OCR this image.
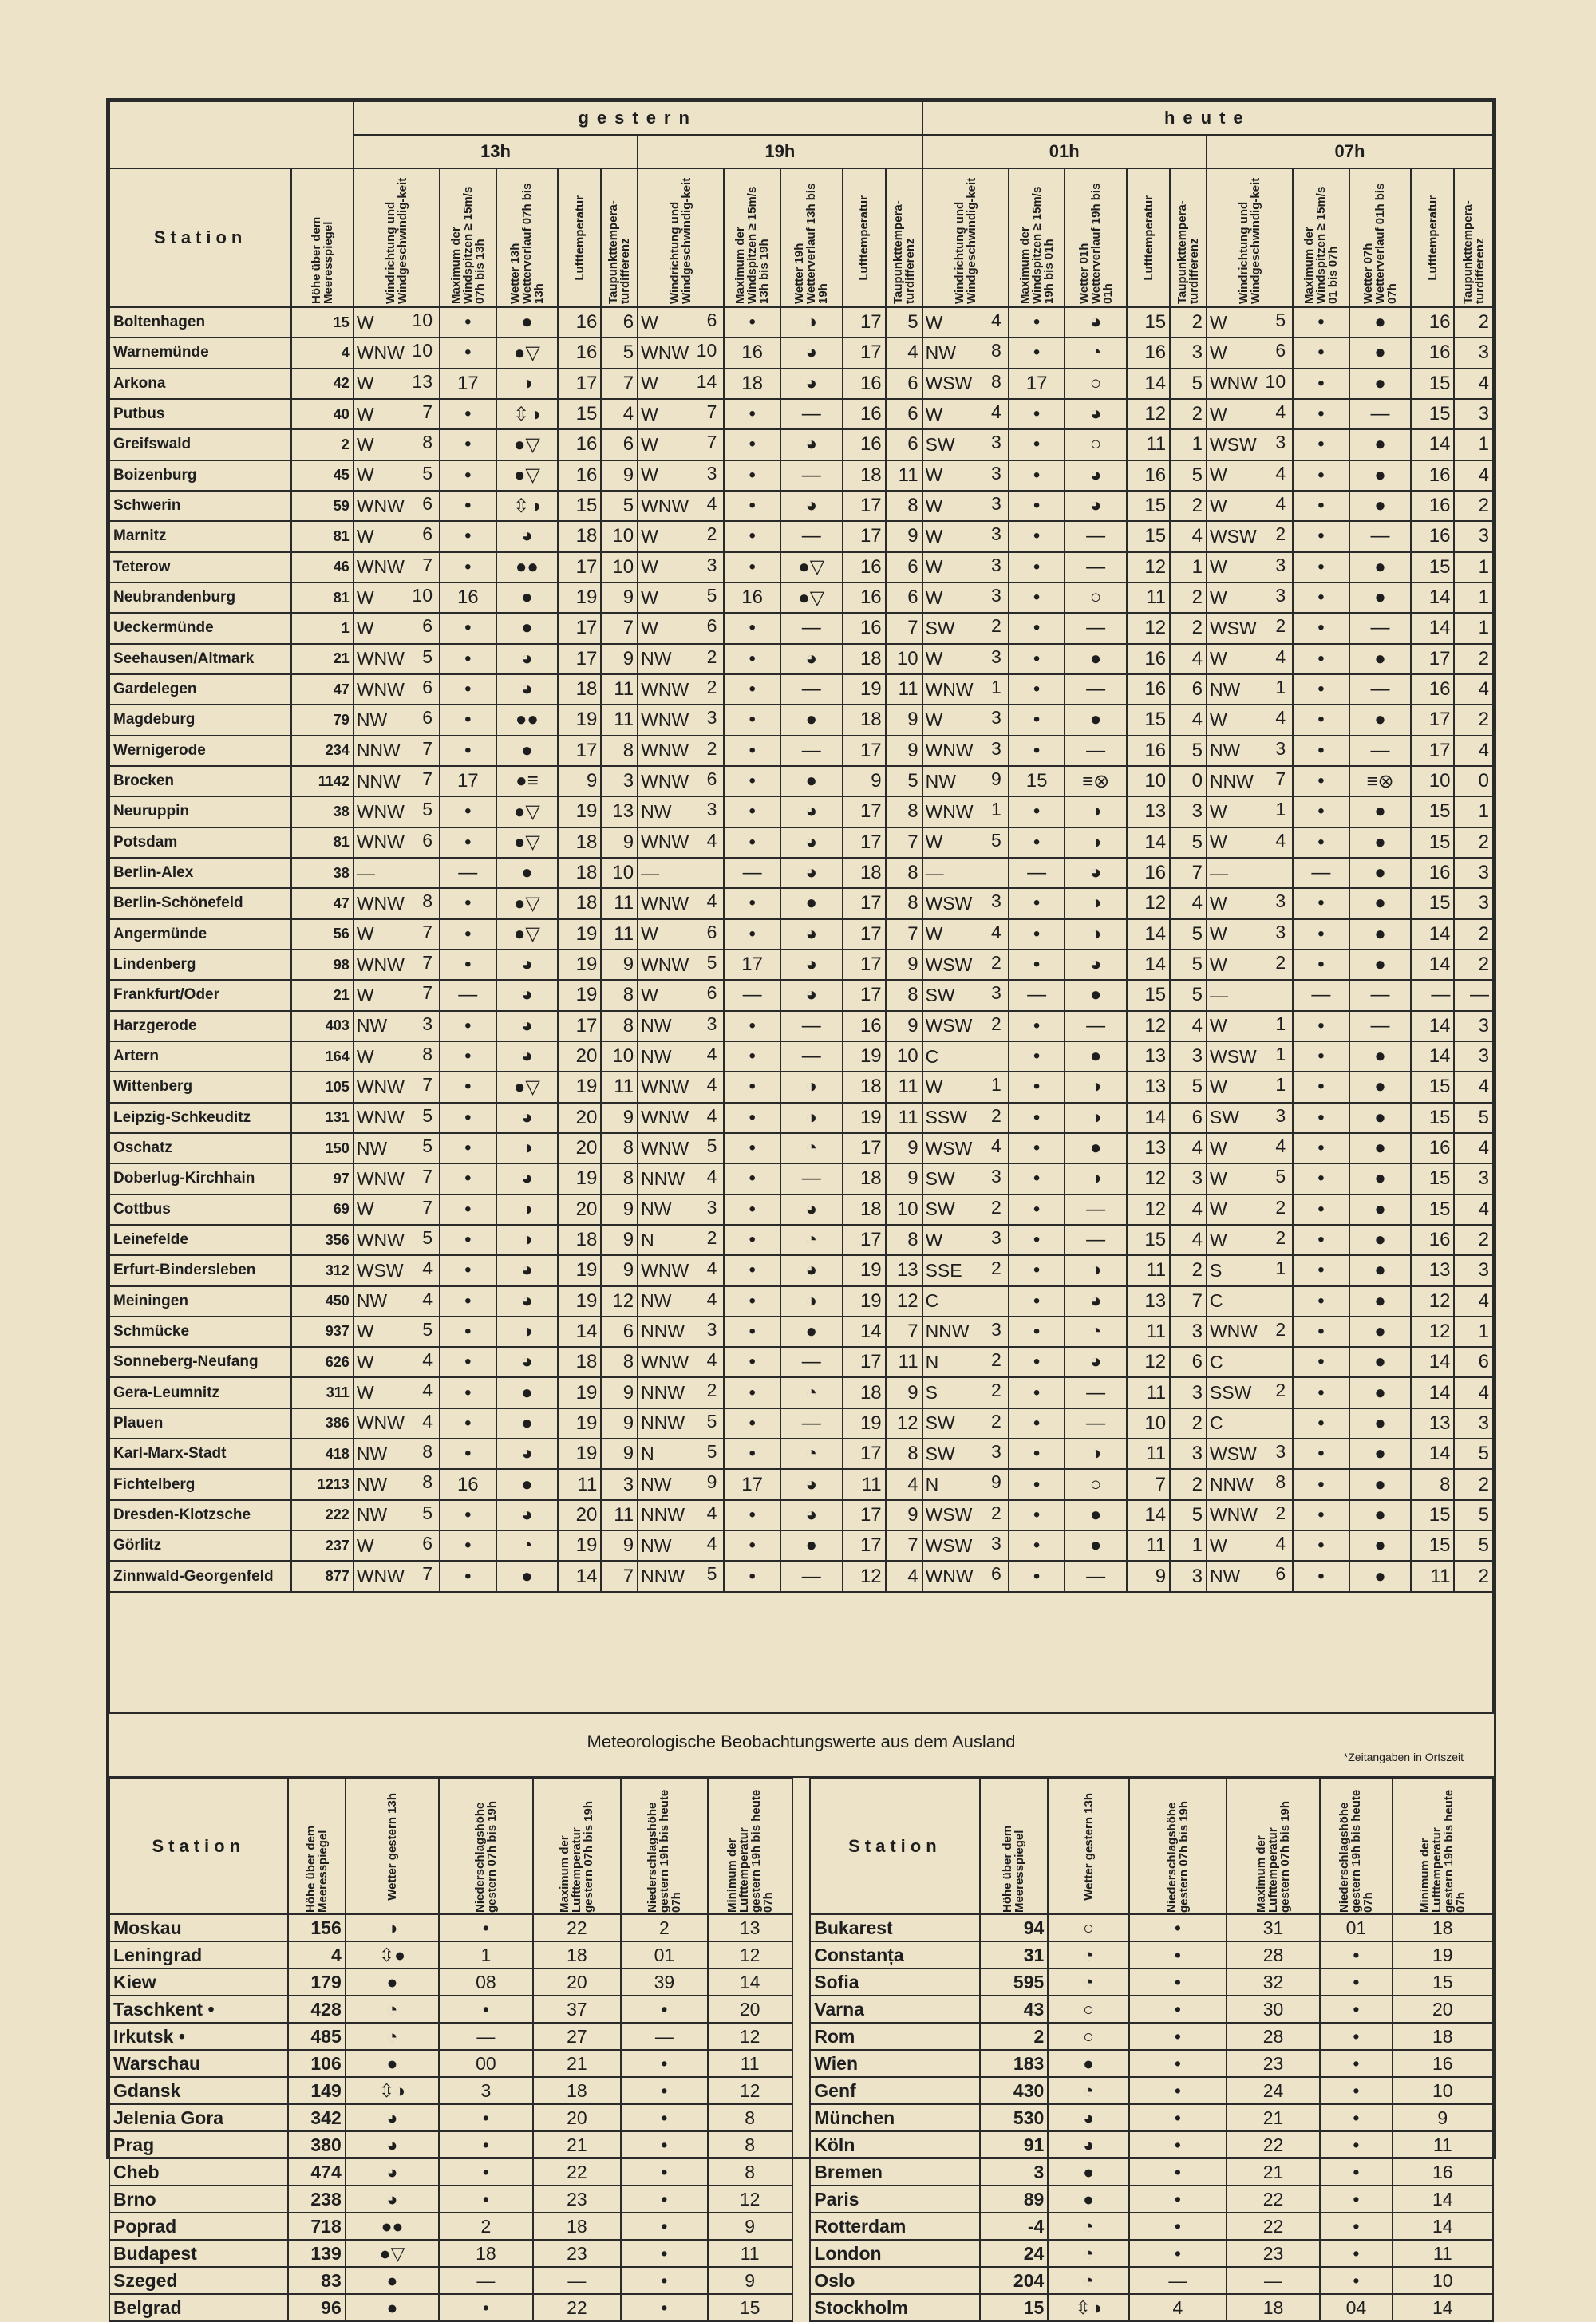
		gestern										heute									
		13h					19h					01h					07h				
Station	Höhe über dem Meeresspiegel	Windrichtung und Windgeschwindig-keit	Maximum der Windspitzen ≥ 15m/s 07h bis 13h	Wetter 13h Wetterverlauf 07h bis 13h	Lufttemperatur	Taupunkttempera-turdifferenz	Windrichtung und Windgeschwindig-keit	Maximum der Windspitzen ≥ 15m/s 13h bis 19h	Wetter 19h Wetterverlauf 13h bis 19h	Lufttemperatur	Taupunkttempera-turdifferenz	Windrichtung und Windgeschwindig-keit	Maximum der Windspitzen ≥ 15m/s 19h bis 01h	Wetter 01h Wetterverlauf 19h bis 01h	Lufttemperatur	Taupunkttempera-turdifferenz	Windrichtung und Windgeschwindig-keit	Maximum der Windspitzen ≥ 15m/s 01 bis 07h	Wetter 07h Wetterverlauf 01h bis 07h	Lufttemperatur	Taupunkttempera-turdifferenz

Boltenhagen	15	W 10	•	●	16	6	W 6	•	◑	17	5	W 4	•	◕	15	2	W 5	•	●	16	2
Warnemünde	4	WNW 10	•	●▽	16	5	WNW 10	16	◕	17	4	NW 8	•	◔	16	3	W 6	•	●	16	3
Arkona	42	W 13	17	◑	17	7	W 14	18	◕	16	6	WSW 8	17	○	14	5	WNW 10	•	●	15	4
Putbus	40	W 7	•	⇳◑	15	4	W 7	•	—	16	6	W 4	•	◕	12	2	W 4	•	—	15	3
Greifswald	2	W 8	•	●▽	16	6	W 7	•	◕	16	6	SW 3	•	○	11	1	WSW 3	•	●	14	1
Boizenburg	45	W 5	•	●▽	16	9	W 3	•	—	18	11	W 3	•	◕	16	5	W 4	•	●	16	4
Schwerin	59	WNW 6	•	⇳◑	15	5	WNW 4	•	◕	17	8	W 3	•	◕	15	2	W 4	•	●	16	2
Marnitz	81	W 6	•	◕	18	10	W 2	•	—	17	9	W 3	•	—	15	4	WSW 2	•	—	16	3
Teterow	46	WNW 7	•	●●	17	10	W 3	•	●▽	16	6	W 3	•	—	12	1	W 3	•	●	15	1
Neubrandenburg	81	W 10	16	●	19	9	W 5	16	●▽	16	6	W 3	•	○	11	2	W 3	•	●	14	1
Ueckermünde	1	W 6	•	●	17	7	W 6	•	—	16	7	SW 2	•	—	12	2	WSW 2	•	—	14	1
Seehausen/Altmark	21	WNW 5	•	◕	17	9	NW 2	•	◕	18	10	W 3	•	●	16	4	W 4	•	●	17	2
Gardelegen	47	WNW 6	•	◕	18	11	WNW 2	•	—	19	11	WNW 1	•	—	16	6	NW 1	•	—	16	4
Magdeburg	79	NW 6	•	●●	19	11	WNW 3	•	●	18	9	W 3	•	●	15	4	W 4	•	●	17	2
Wernigerode	234	NNW 7	•	●	17	8	WNW 2	•	—	17	9	WNW 3	•	—	16	5	NW 3	•	—	17	4
Brocken	1142	NNW 7	17	●≡	9	3	WNW 6	•	●	9	5	NW 9	15	≡⊗	10	0	NNW 7	•	≡⊗	10	0
Neuruppin	38	WNW 5	•	●▽	19	13	NW 3	•	◕	17	8	WNW 1	•	◑	13	3	W 1	•	●	15	1
Potsdam	81	WNW 6	•	●▽	18	9	WNW 4	•	◕	17	7	W 5	•	◑	14	5	W 4	•	●	15	2
Berlin-Alex	38	—	—	●	18	10	—	—	◕	18	8	—	—	◕	16	7	—	—	●	16	3
Berlin-Schönefeld	47	WNW 8	•	●▽	18	11	WNW 4	•	●	17	8	WSW 3	•	◑	12	4	W 3	•	●	15	3
Angermünde	56	W 7	•	●▽	19	11	W 6	•	◕	17	7	W 4	•	◑	14	5	W 3	•	●	14	2
Lindenberg	98	WNW 7	•	◕	19	9	WNW 5	17	◕	17	9	WSW 2	•	◕	14	5	W 2	•	●	14	2
Frankfurt/Oder	21	W 7	—	◕	19	8	W 6	—	◕	17	8	SW 3	—	●	15	5	—	—	—	—	—
Harzgerode	403	NW 3	•	◕	17	8	NW 3	•	—	16	9	WSW 2	•	—	12	4	W 1	•	—	14	3
Artern	164	W 8	•	◕	20	10	NW 4	•	—	19	10	C	•	●	13	3	WSW 1	•	●	14	3
Wittenberg	105	WNW 7	•	●▽	19	11	WNW 4	•	◑	18	11	W 1	•	◑	13	5	W 1	•	●	15	4
Leipzig-Schkeuditz	131	WNW 5	•	◕	20	9	WNW 4	•	◑	19	11	SSW 2	•	◑	14	6	SW 3	•	●	15	5
Oschatz	150	NW 5	•	◑	20	8	WNW 5	•	◔	17	9	WSW 4	•	●	13	4	W 4	•	●	16	4
Doberlug-Kirchhain	97	WNW 7	•	◕	19	8	NNW 4	•	—	18	9	SW 3	•	◑	12	3	W 5	•	●	15	3
Cottbus	69	W 7	•	◑	20	9	NW 3	•	◕	18	10	SW 2	•	—	12	4	W 2	•	●	15	4
Leinefelde	356	WNW 5	•	◑	18	9	N 2	•	◔	17	8	W 3	•	—	15	4	W 2	•	●	16	2
Erfurt-Bindersleben	312	WSW 4	•	◕	19	9	WNW 4	•	◕	19	13	SSE 2	•	◑	11	2	S 1	•	●	13	3
Meiningen	450	NW 4	•	◕	19	12	NW 4	•	◑	19	12	C	•	◕	13	7	C	•	●	12	4
Schmücke	937	W 5	•	◑	14	6	NNW 3	•	●	14	7	NNW 3	•	◔	11	3	WNW 2	•	●	12	1
Sonneberg-Neufang	626	W 4	•	◕	18	8	WNW 4	•	—	17	11	N 2	•	◕	12	6	C	•	●	14	6
Gera-Leumnitz	311	W 4	•	●	19	9	NNW 2	•	◔	18	9	S 2	•	—	11	3	SSW 2	•	●	14	4
Plauen	386	WNW 4	•	●	19	9	NNW 5	•	—	19	12	SW 2	•	—	10	2	C	•	●	13	3
Karl-Marx-Stadt	418	NW 8	•	◕	19	9	N 5	•	◔	17	8	SW 3	•	◑	11	3	WSW 3	•	●	14	5
Fichtelberg	1213	NW 8	16	●	11	3	NW 9	17	◕	11	4	N 9	•	○	7	2	NNW 8	•	●	8	2
Dresden-Klotzsche	222	NW 5	•	◕	20	11	NNW 4	•	◕	17	9	WSW 2	•	●	14	5	WNW 2	•	●	15	5
Görlitz	237	W 6	•	◔	19	9	NW 4	•	●	17	7	WSW 3	•	●	11	1	W 4	•	●	15	5
Zinnwald-Georgenfeld	877	WNW 7	•	●	14	7	NNW 5	•	—	12	4	WNW 6	•	—	9	3	NW 6	•	●	11	2
Meteorologische Beobachtungswerte aus dem Ausland
*Zeitangaben in Ortszeit
Station	Höhe über dem Meeresspiegel	Wetter gestern 13h	Niederschlagshöhe gestern 07h bis 19h	Maximum der Lufttemperatur gestern 07h bis 19h	Niederschlagshöhe gestern 19h bis heute 07h	Minimum der Lufttemperatur gestern 19h bis heute 07h		Station	Höhe über dem Meeresspiegel	Wetter gestern 13h	Niederschlagshöhe gestern 07h bis 19h	Maximum der Lufttemperatur gestern 07h bis 19h	Niederschlagshöhe gestern 19h bis heute 07h	Minimum der Lufttemperatur gestern 19h bis heute 07h

Moskau	156	◑	•	22	2	13		Bukarest	94	○	•	31	01	18
Leningrad	4	⇳●	1	18	01	12		Constanța	31	◔	•	28	•	19
Kiew	179	●	08	20	39	14		Sofia	595	◔	•	32	•	15
Taschkent •	428	◔	•	37	•	20		Varna	43	○	•	30	•	20
Irkutsk •	485	◔	—	27	—	12		Rom	2	○	•	28	•	18
Warschau	106	●	00	21	•	11		Wien	183	●	•	23	•	16
Gdansk	149	⇳◑	3	18	•	12		Genf	430	◔	•	24	•	10
Jelenia Gora	342	◕	•	20	•	8		München	530	◕	•	21	•	9
Prag	380	◕	•	21	•	8		Köln	91	◕	•	22	•	11
Cheb	474	◕	•	22	•	8		Bremen	3	●	•	21	•	16
Brno	238	◕	•	23	•	12		Paris	89	●	•	22	•	14
Poprad	718	●●	2	18	•	9		Rotterdam	-4	◔	•	22	•	14
Budapest	139	●▽	18	23	•	11		London	24	◔	•	23	•	11
Szeged	83	●	—	—	•	9		Oslo	204	◔	—	—	•	10
Belgrad	96	●	•	22	•	15		Stockholm	15	⇳◑	4	18	04	14
